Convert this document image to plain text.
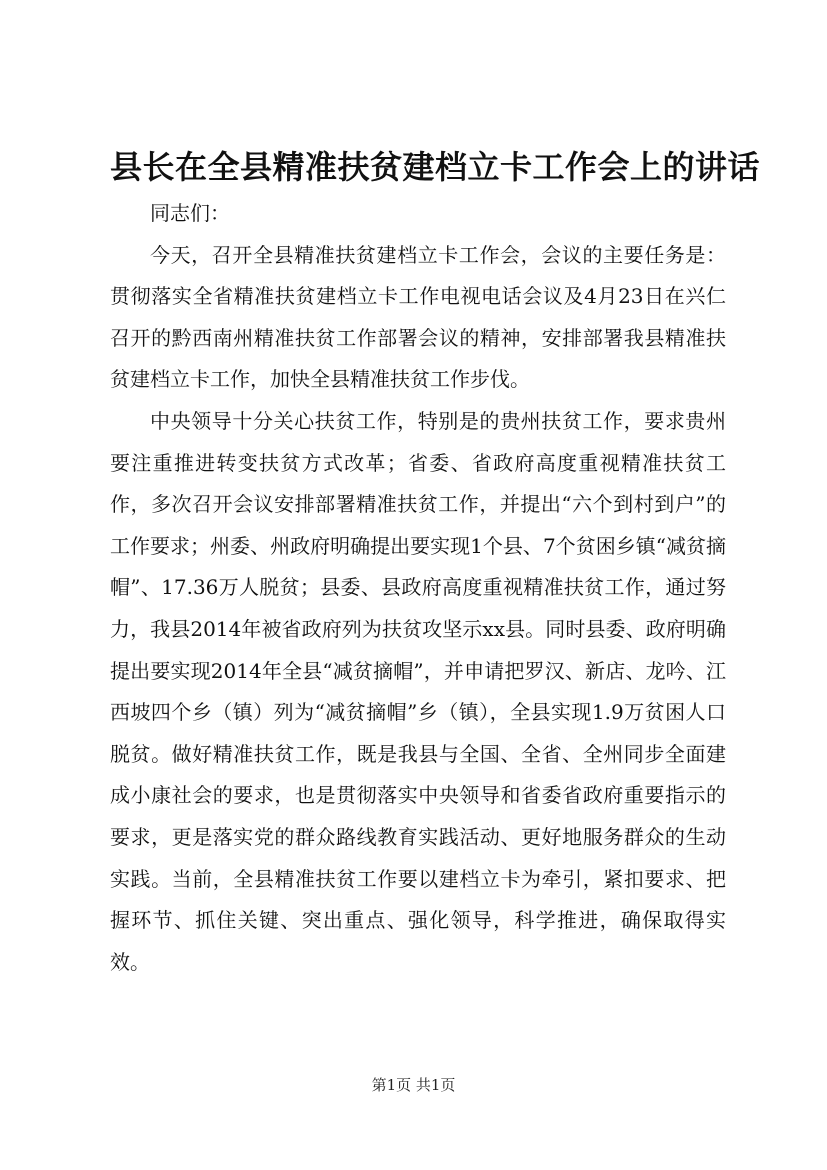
县长在全县精准扶贫建档立卡工作会上的讲话

同志们：

今天，召开全县精准扶贫建档立卡工作会，会议的主要任务是：贯彻落实全省精准扶贫建档立卡工作电视电话会议及4月23日在兴仁召开的黔西南州精准扶贫工作部署会议的精神，安排部署我县精准扶贫建档立卡工作，加快全县精准扶贫工作步伐。

中央领导十分关心扶贫工作，特别是的贵州扶贫工作，要求贵州要注重推进转变扶贫方式改革；省委、省政府高度重视精准扶贫工作，多次召开会议安排部署精准扶贫工作，并提出“六个到村到户”的工作要求；州委、州政府明确提出要实现1个县、7个贫困乡镇“减贫摘帽”、17.36万人脱贫；县委、县政府高度重视精准扶贫工作，通过努力，我县2014年被省政府列为扶贫攻坚示xx县。同时县委、政府明确提出要实现2014年全县“减贫摘帽”，并申请把罗汉、新店、龙吟、江西坡四个乡（镇）列为“减贫摘帽”乡（镇），全县实现1.9万贫困人口脱贫。做好精准扶贫工作，既是我县与全国、全省、全州同步全面建成小康社会的要求，也是贯彻落实中央领导和省委省政府重要指示的要求，更是落实党的群众路线教育实践活动、更好地服务群众的生动实践。当前，全县精准扶贫工作要以建档立卡为牵引，紧扣要求、把握环节、抓住关键、突出重点、强化领导，科学推进，确保取得实效。

第1页 共1页
